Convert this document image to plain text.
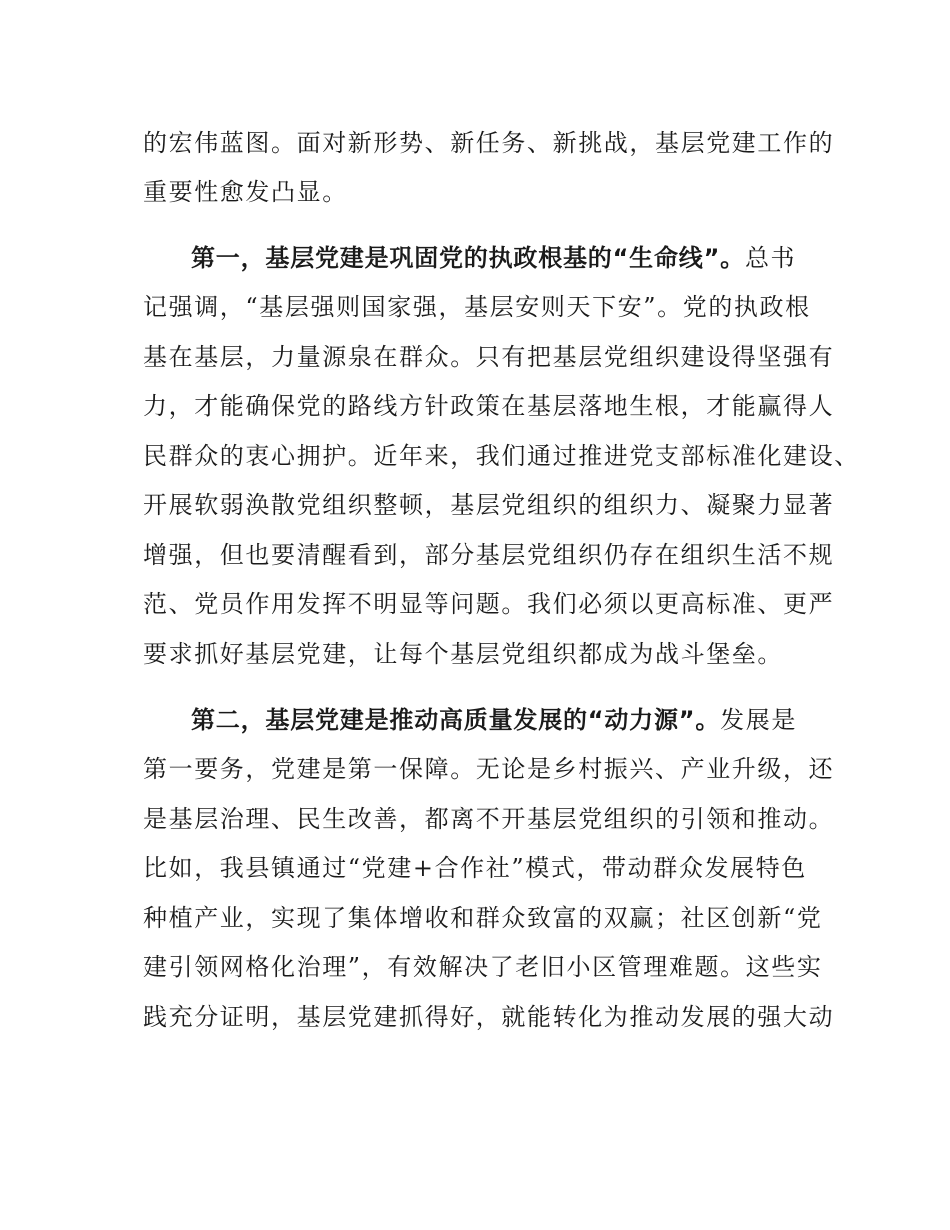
的宏伟蓝图。面对新形势、新任务、新挑战，基层党建工作的
重要性愈发凸显。
第一，基层党建是巩固党的执政根基的“生命线”。总书
记强调，“基层强则国家强，基层安则天下安”。党的执政根
基在基层，力量源泉在群众。只有把基层党组织建设得坚强有
力，才能确保党的路线方针政策在基层落地生根，才能赢得人
民群众的衷心拥护。近年来，我们通过推进党支部标准化建设、
开展软弱涣散党组织整顿，基层党组织的组织力、凝聚力显著
增强，但也要清醒看到，部分基层党组织仍存在组织生活不规
范、党员作用发挥不明显等问题。我们必须以更高标准、更严
要求抓好基层党建，让每个基层党组织都成为战斗堡垒。
第二，基层党建是推动高质量发展的“动力源”。发展是
第一要务，党建是第一保障。无论是乡村振兴、产业升级，还
是基层治理、民生改善，都离不开基层党组织的引领和推动。
比如，我县镇通过“党建+合作社”模式，带动群众发展特色
种植产业，实现了集体增收和群众致富的双赢；社区创新“党
建引领网格化治理”，有效解决了老旧小区管理难题。这些实
践充分证明，基层党建抓得好，就能转化为推动发展的强大动
